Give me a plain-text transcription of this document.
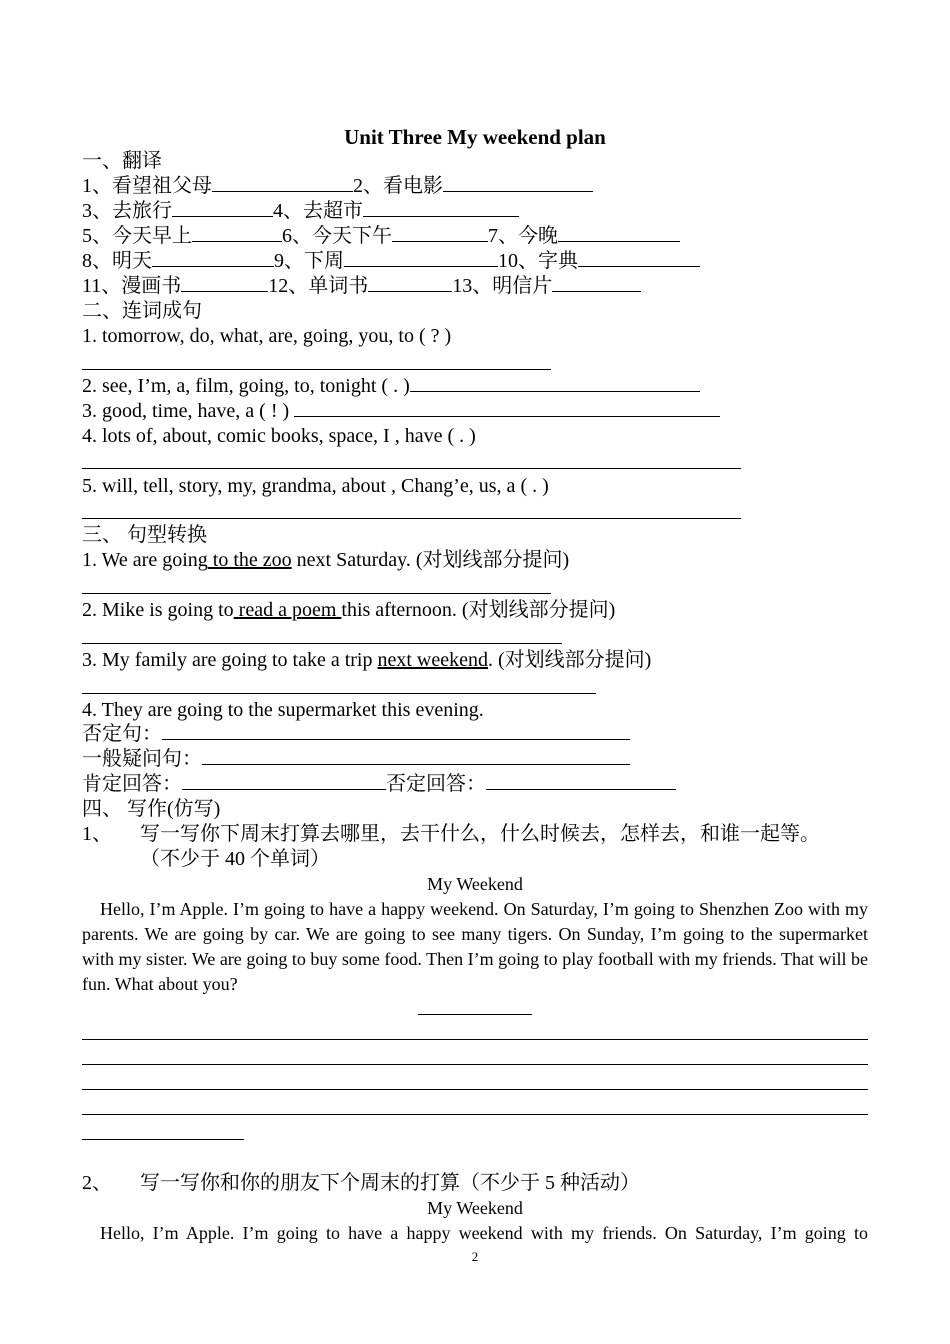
Unit Three My weekend plan
一、翻译
1、看望祖父母	2、看电影
3、去旅行	4、去超市
5、今天早上	6、今天下午	7、今晚
8、明天	9、下周	10、字典
11、漫画书	12、单词书	13、明信片
二、连词成句
1. tomorrow, do, what, are, going, you, to ( ? )
2. see, I’m, a, film, going, to, tonight ( . )
3. good, time, have, a ( ! )
4. lots of, about, comic books, space, I , have ( . )
5. will, tell, story, my, grandma, about , Chang’e, us, a ( . )
三、 句型转换
1. We are going to the zoo next Saturday. (对划线部分提问)
2. Mike is going to read a poem this afternoon. (对划线部分提问)
3. My family are going to take a trip next weekend. (对划线部分提问)
4. They are going to the supermarket this evening.
否定句：
一般疑问句：
肯定回答：	否定回答：
四、 写作(仿写)
1、 写一写你下周末打算去哪里，去干什么，什么时候去，怎样去，和谁一起等。
（不少于 40 个单词）
My Weekend
Hello, I’m Apple. I’m going to have a happy weekend. On Saturday, I’m going to Shenzhen Zoo with my parents. We are going by car. We are going to see many tigers. On Sunday, I’m going to the supermarket with my sister. We are going to buy some food. Then I’m going to play football with my friends. That will be fun. What about you?
2、 写一写你和你的朋友下个周末的打算（不少于 5 种活动）
My Weekend
Hello, I’m Apple. I’m going to have a happy weekend with my friends. On Saturday, I’m going to
2
